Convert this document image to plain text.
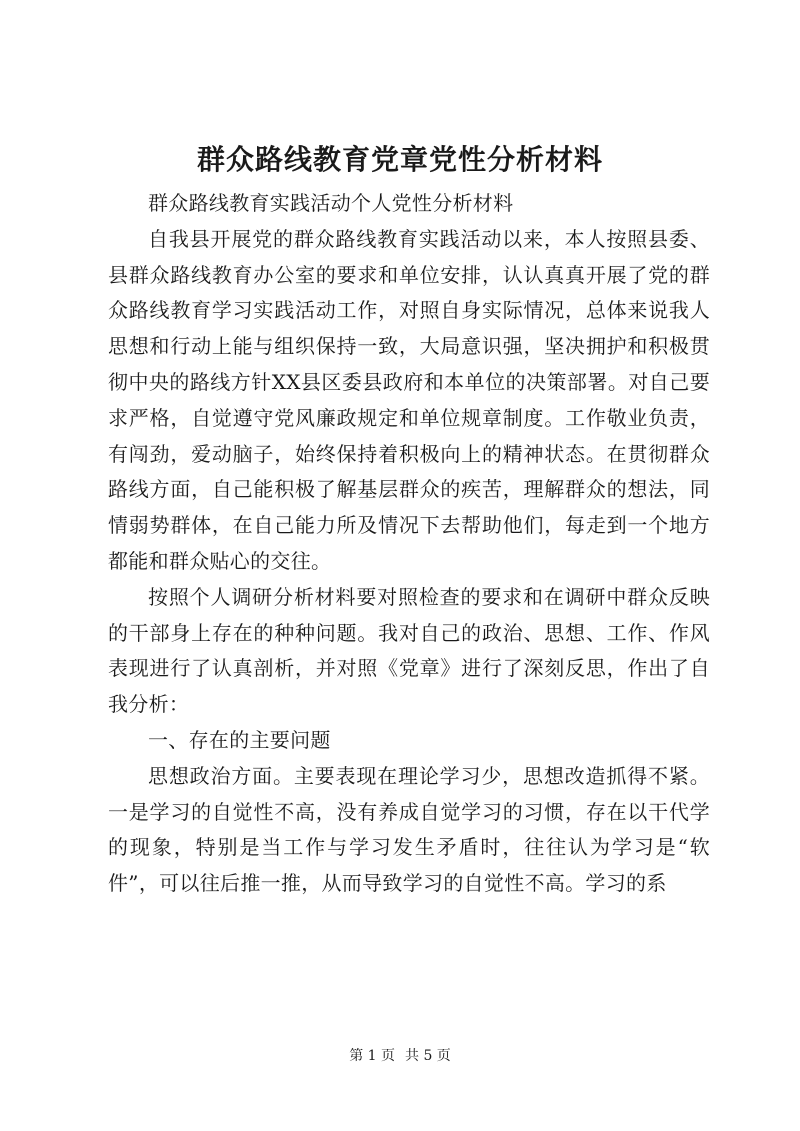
群众路线教育党章党性分析材料

群众路线教育实践活动个人党性分析材料

自我县开展党的群众路线教育实践活动以来，本人按照县委、县群众路线教育办公室的要求和单位安排，认认真真开展了党的群众路线教育学习实践活动工作，对照自身实际情况，总体来说我人思想和行动上能与组织保持一致，大局意识强，坚决拥护和积极贯彻中央的路线方针XX县区委县政府和本单位的决策部署。对自己要求严格，自觉遵守党风廉政规定和单位规章制度。工作敬业负责，有闯劲，爱动脑子，始终保持着积极向上的精神状态。在贯彻群众路线方面，自己能积极了解基层群众的疾苦，理解群众的想法，同情弱势群体，在自己能力所及情况下去帮助他们，每走到一个地方都能和群众贴心的交往。

按照个人调研分析材料要对照检查的要求和在调研中群众反映的干部身上存在的种种问题。我对自己的政治、思想、工作、作风表现进行了认真剖析，并对照《党章》进行了深刻反思，作出了自我分析：

一、存在的主要问题

思想政治方面。主要表现在理论学习少，思想改造抓得不紧。一是学习的自觉性不高，没有养成自觉学习的习惯，存在以干代学的现象，特别是当工作与学习发生矛盾时，往往认为学习是“软件”，可以往后推一推，从而导致学习的自觉性不高。学习的系

第 1 页 共 5 页
